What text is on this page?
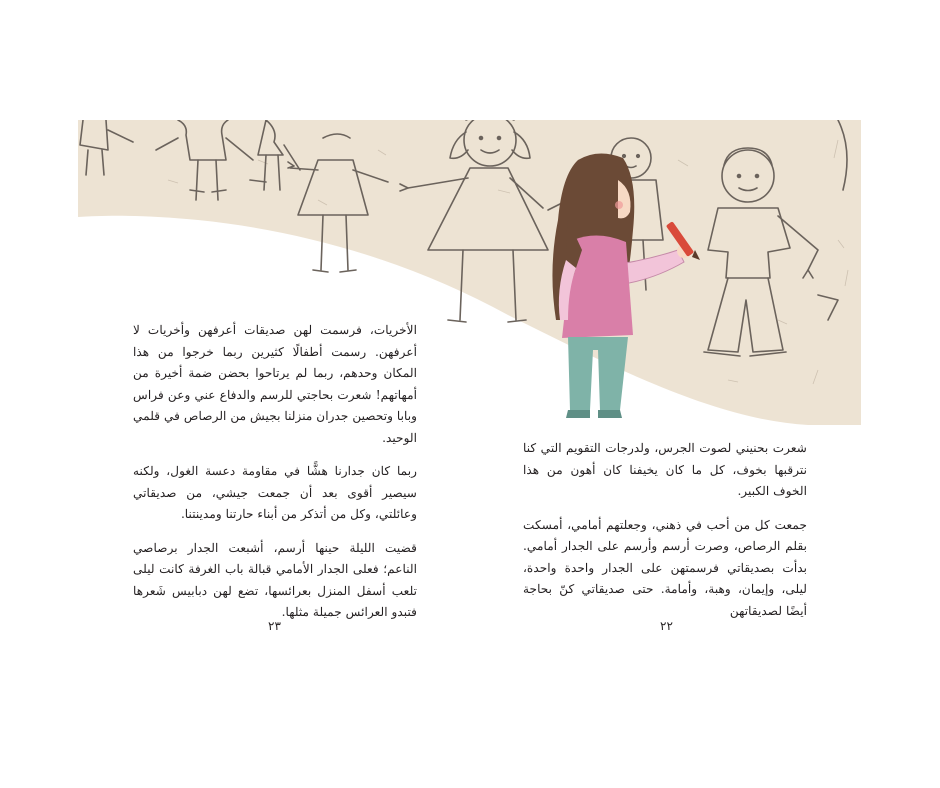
الأخريات، فرسمت لهن صديقات أعرفهن وأخريات لا أعرفهن. رسمت أطفالًا كثيرين ربما خرجوا من هذا المكان وحدهم، ربما لم يرتاحوا بحضن ضمة أخيرة من أمهاتهم! شعرت بحاجتي للرسم والدفاع عني وعن فراس وبابا وتحصين جدران منزلنا بجيش من الرصاص في قلمي الوحيد.

ربما كان جدارنا هشًّا في مقاومة دعسة الغول، ولكنه سيصير أقوى بعد أن جمعت جيشي، من صديقاتي وعائلتي، وكل من أتذكر من أبناء حارتنا ومدينتنا.

قضيت الليلة حينها أرسم، أشبعت الجدار برصاصي الناعم؛ فعلى الجدار الأمامي قبالة باب الغرفة كانت ليلى تلعب أسفل المنزل بعرائسها، تضع لهن دبابيس شَعرها فتبدو العرائس جميلة مثلها.

شعرت بحنيني لصوت الجرس، ولدرجات التقويم التي كنا نترقبها بخوف، كل ما كان يخيفنا كان أهون من هذا الخوف الكبير.

جمعت كل من أحب في ذهني، وجعلتهم أمامي، أمسكت بقلم الرصاص، وصرت أرسم وأرسم على الجدار أمامي. بدأت بصديقاتي فرسمتهن على الجدار واحدة واحدة، ليلى، وإيمان، وهبة، وأمامة. حتى صديقاتي كنّ بحاجة أيضًا لصديقاتهن

٢٣	٢٢
